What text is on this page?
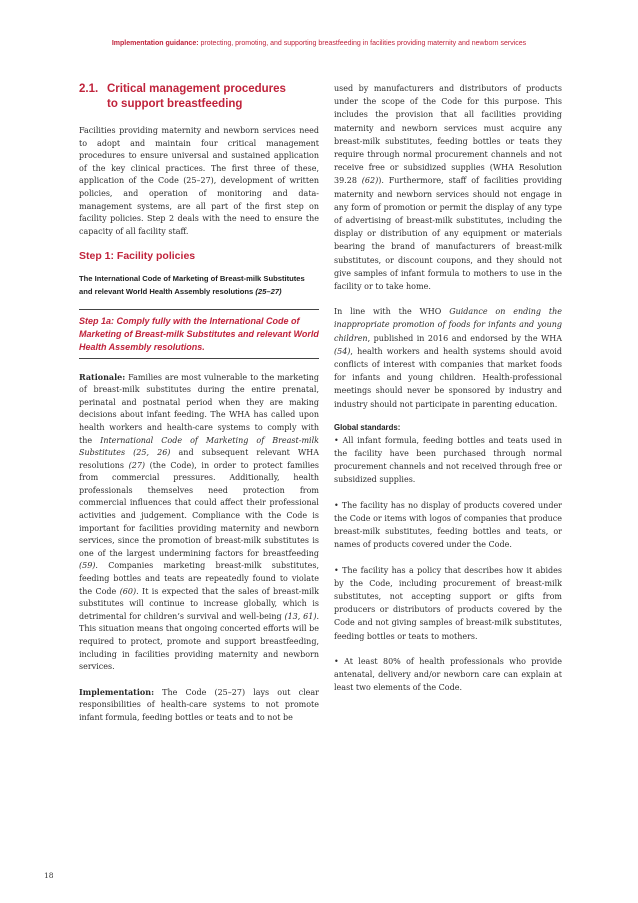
Implementation guidance: protecting, promoting, and supporting breastfeeding in facilities providing maternity and newborn services
2.1. Critical management procedures
to support breastfeeding

Facilities providing maternity and newborn services need to adopt and maintain four critical management procedures to ensure universal and sustained application of the key clinical practices. The first three of these, application of the Code (25–27), development of written policies, and operation of monitoring and data-management systems, are all part of the first step on facility policies. Step 2 deals with the need to ensure the capacity of all facility staff.

Step 1: Facility policies
The International Code of Marketing of Breast-milk Substitutes and relevant World Health Assembly resolutions (25–27)
Step 1a: Comply fully with the International Code of Marketing of Breast-milk Substitutes and relevant World Health Assembly resolutions.

Rationale: Families are most vulnerable to the marketing of breast-milk substitutes during the entire prenatal, perinatal and postnatal period when they are making decisions about infant feeding. The WHA has called upon health workers and health-care systems to comply with the International Code of Marketing of Breast-milk Substitutes (25, 26) and subsequent relevant WHA resolutions (27) (the Code), in order to protect families from commercial pressures. Additionally, health professionals themselves need protection from commercial influences that could affect their professional activities and judgement. Compliance with the Code is important for facilities providing maternity and newborn services, since the promotion of breast-milk substitutes is one of the largest undermining factors for breastfeeding (59). Companies marketing breast-milk substitutes, feeding bottles and teats are repeatedly found to violate the Code (60). It is expected that the sales of breast-milk substitutes will continue to increase globally, which is detrimental for children’s survival and well-being (13, 61). This situation means that ongoing concerted efforts will be required to protect, promote and support breastfeeding, including in facilities providing maternity and newborn services.

Implementation: The Code (25–27) lays out clear responsibilities of health-care systems to not promote infant formula, feeding bottles or teats and to not be

used by manufacturers and distributors of products under the scope of the Code for this purpose. This includes the provision that all facilities providing maternity and newborn services must acquire any breast-milk substitutes, feeding bottles or teats they require through normal procurement channels and not receive free or subsidized supplies (WHA Resolution 39.28 (62)). Furthermore, staff of facilities providing maternity and newborn services should not engage in any form of promotion or permit the display of any type of advertising of breast-milk substitutes, including the display or distribution of any equipment or materials bearing the brand of manufacturers of breast-milk substitutes, or discount coupons, and they should not give samples of infant formula to mothers to use in the facility or to take home.

In line with the WHO Guidance on ending the inappropriate promotion of foods for infants and young children, published in 2016 and endorsed by the WHA (54), health workers and health systems should avoid conflicts of interest with companies that market foods for infants and young children. Health-professional meetings should never be sponsored by industry and industry should not participate in parenting education.

Global standards:
• All infant formula, feeding bottles and teats used in the facility have been purchased through normal procurement channels and not received through free or subsidized supplies.
• The facility has no display of products covered under the Code or items with logos of companies that produce breast-milk substitutes, feeding bottles and teats, or names of products covered under the Code.
• The facility has a policy that describes how it abides by the Code, including procurement of breast-milk substitutes, not accepting support or gifts from producers or distributors of products covered by the Code and not giving samples of breast-milk substitutes, feeding bottles or teats to mothers.
• At least 80% of health professionals who provide antenatal, delivery and/or newborn care can explain at least two elements of the Code.
18
